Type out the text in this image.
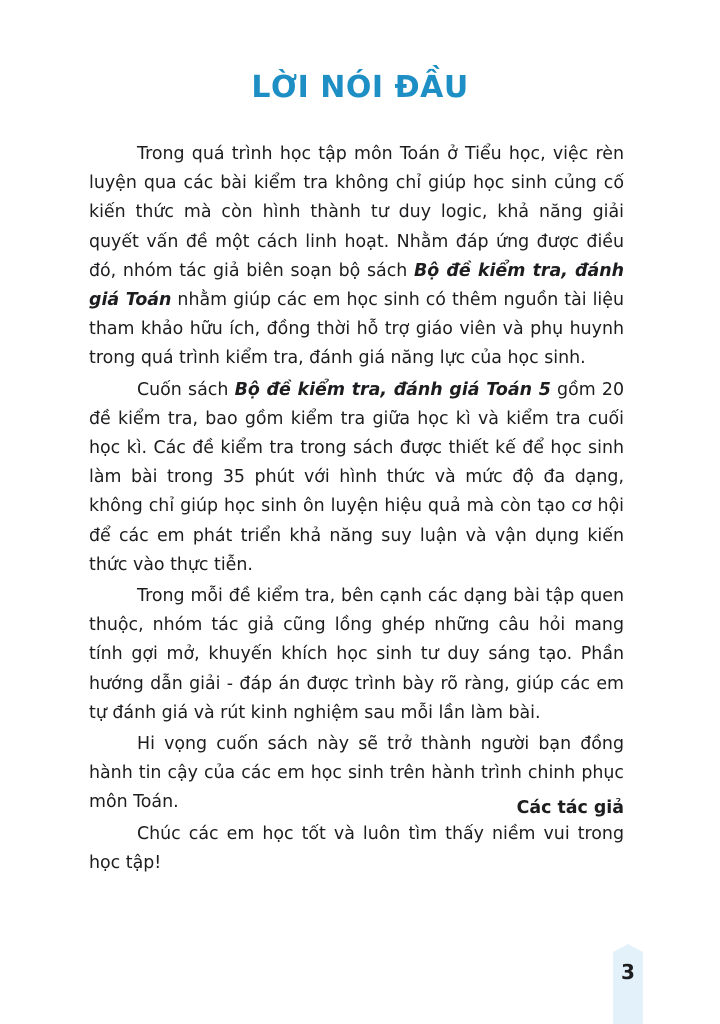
LỜI NÓI ĐẦU

Trong quá trình học tập môn Toán ở Tiểu học, việc rèn luyện qua các bài kiểm tra không chỉ giúp học sinh củng cố kiến thức mà còn hình thành tư duy logic, khả năng giải quyết vấn đề một cách linh hoạt. Nhằm đáp ứng được điều đó, nhóm tác giả biên soạn bộ sách Bộ đề kiểm tra, đánh giá Toán nhằm giúp các em học sinh có thêm nguồn tài liệu tham khảo hữu ích, đồng thời hỗ trợ giáo viên và phụ huynh trong quá trình kiểm tra, đánh giá năng lực của học sinh.

Cuốn sách Bộ đề kiểm tra, đánh giá Toán 5 gồm 20 đề kiểm tra, bao gồm kiểm tra giữa học kì và kiểm tra cuối học kì. Các đề kiểm tra trong sách được thiết kế để học sinh làm bài trong 35 phút với hình thức và mức độ đa dạng, không chỉ giúp học sinh ôn luyện hiệu quả mà còn tạo cơ hội để các em phát triển khả năng suy luận và vận dụng kiến thức vào thực tiễn.

Trong mỗi đề kiểm tra, bên cạnh các dạng bài tập quen thuộc, nhóm tác giả cũng lồng ghép những câu hỏi mang tính gợi mở, khuyến khích học sinh tư duy sáng tạo. Phần hướng dẫn giải - đáp án được trình bày rõ ràng, giúp các em tự đánh giá và rút kinh nghiệm sau mỗi lần làm bài.

Hi vọng cuốn sách này sẽ trở thành người bạn đồng hành tin cậy của các em học sinh trên hành trình chinh phục môn Toán.

Chúc các em học tốt và luôn tìm thấy niềm vui trong học tập!

Các tác giả
3
